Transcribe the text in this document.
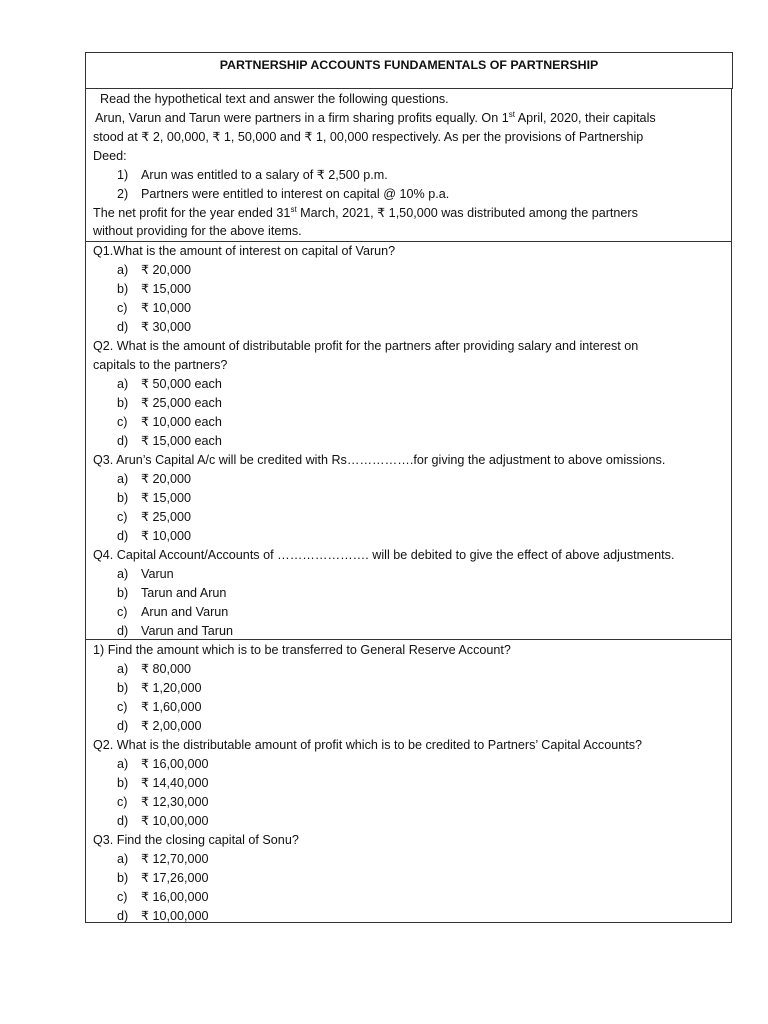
PARTNERSHIP ACCOUNTS FUNDAMENTALS OF PARTNERSHIP
Read the hypothetical text and answer the following questions.
Arun, Varun and Tarun were partners in a firm sharing profits equally. On 1st April, 2020, their capitals
stood at ₹ 2, 00,000, ₹ 1, 50,000 and ₹ 1, 00,000 respectively. As per the provisions of Partnership
Deed:
1) Arun was entitled to a salary of ₹ 2,500 p.m.
2) Partners were entitled to interest on capital @ 10% p.a.
The net profit for the year ended 31st March, 2021, ₹ 1,50,000 was distributed among the partners
without providing for the above items.
Q1.What is the amount of interest on capital of Varun?
a) ₹ 20,000
b) ₹ 15,000
c) ₹ 10,000
d) ₹ 30,000
Q2. What is the amount of distributable profit for the partners after providing salary and interest on
capitals to the partners?
a) ₹ 50,000 each
b) ₹ 25,000 each
c) ₹ 10,000 each
d) ₹ 15,000 each
Q3. Arun’s Capital A/c will be credited with Rs…………….for giving the adjustment to above omissions.
a) ₹ 20,000
b) ₹ 15,000
c) ₹ 25,000
d) ₹ 10,000
Q4. Capital Account/Accounts of …………………. will be debited to give the effect of above adjustments.
a) Varun
b) Tarun and Arun
c) Arun and Varun
d) Varun and Tarun
1) Find the amount which is to be transferred to General Reserve Account?
a) ₹ 80,000
b) ₹ 1,20,000
c) ₹ 1,60,000
d) ₹ 2,00,000
Q2. What is the distributable amount of profit which is to be credited to Partners’ Capital Accounts?
a) ₹ 16,00,000
b) ₹ 14,40,000
c) ₹ 12,30,000
d) ₹ 10,00,000
Q3. Find the closing capital of Sonu?
a) ₹ 12,70,000
b) ₹ 17,26,000
c) ₹ 16,00,000
d) ₹ 10,00,000
